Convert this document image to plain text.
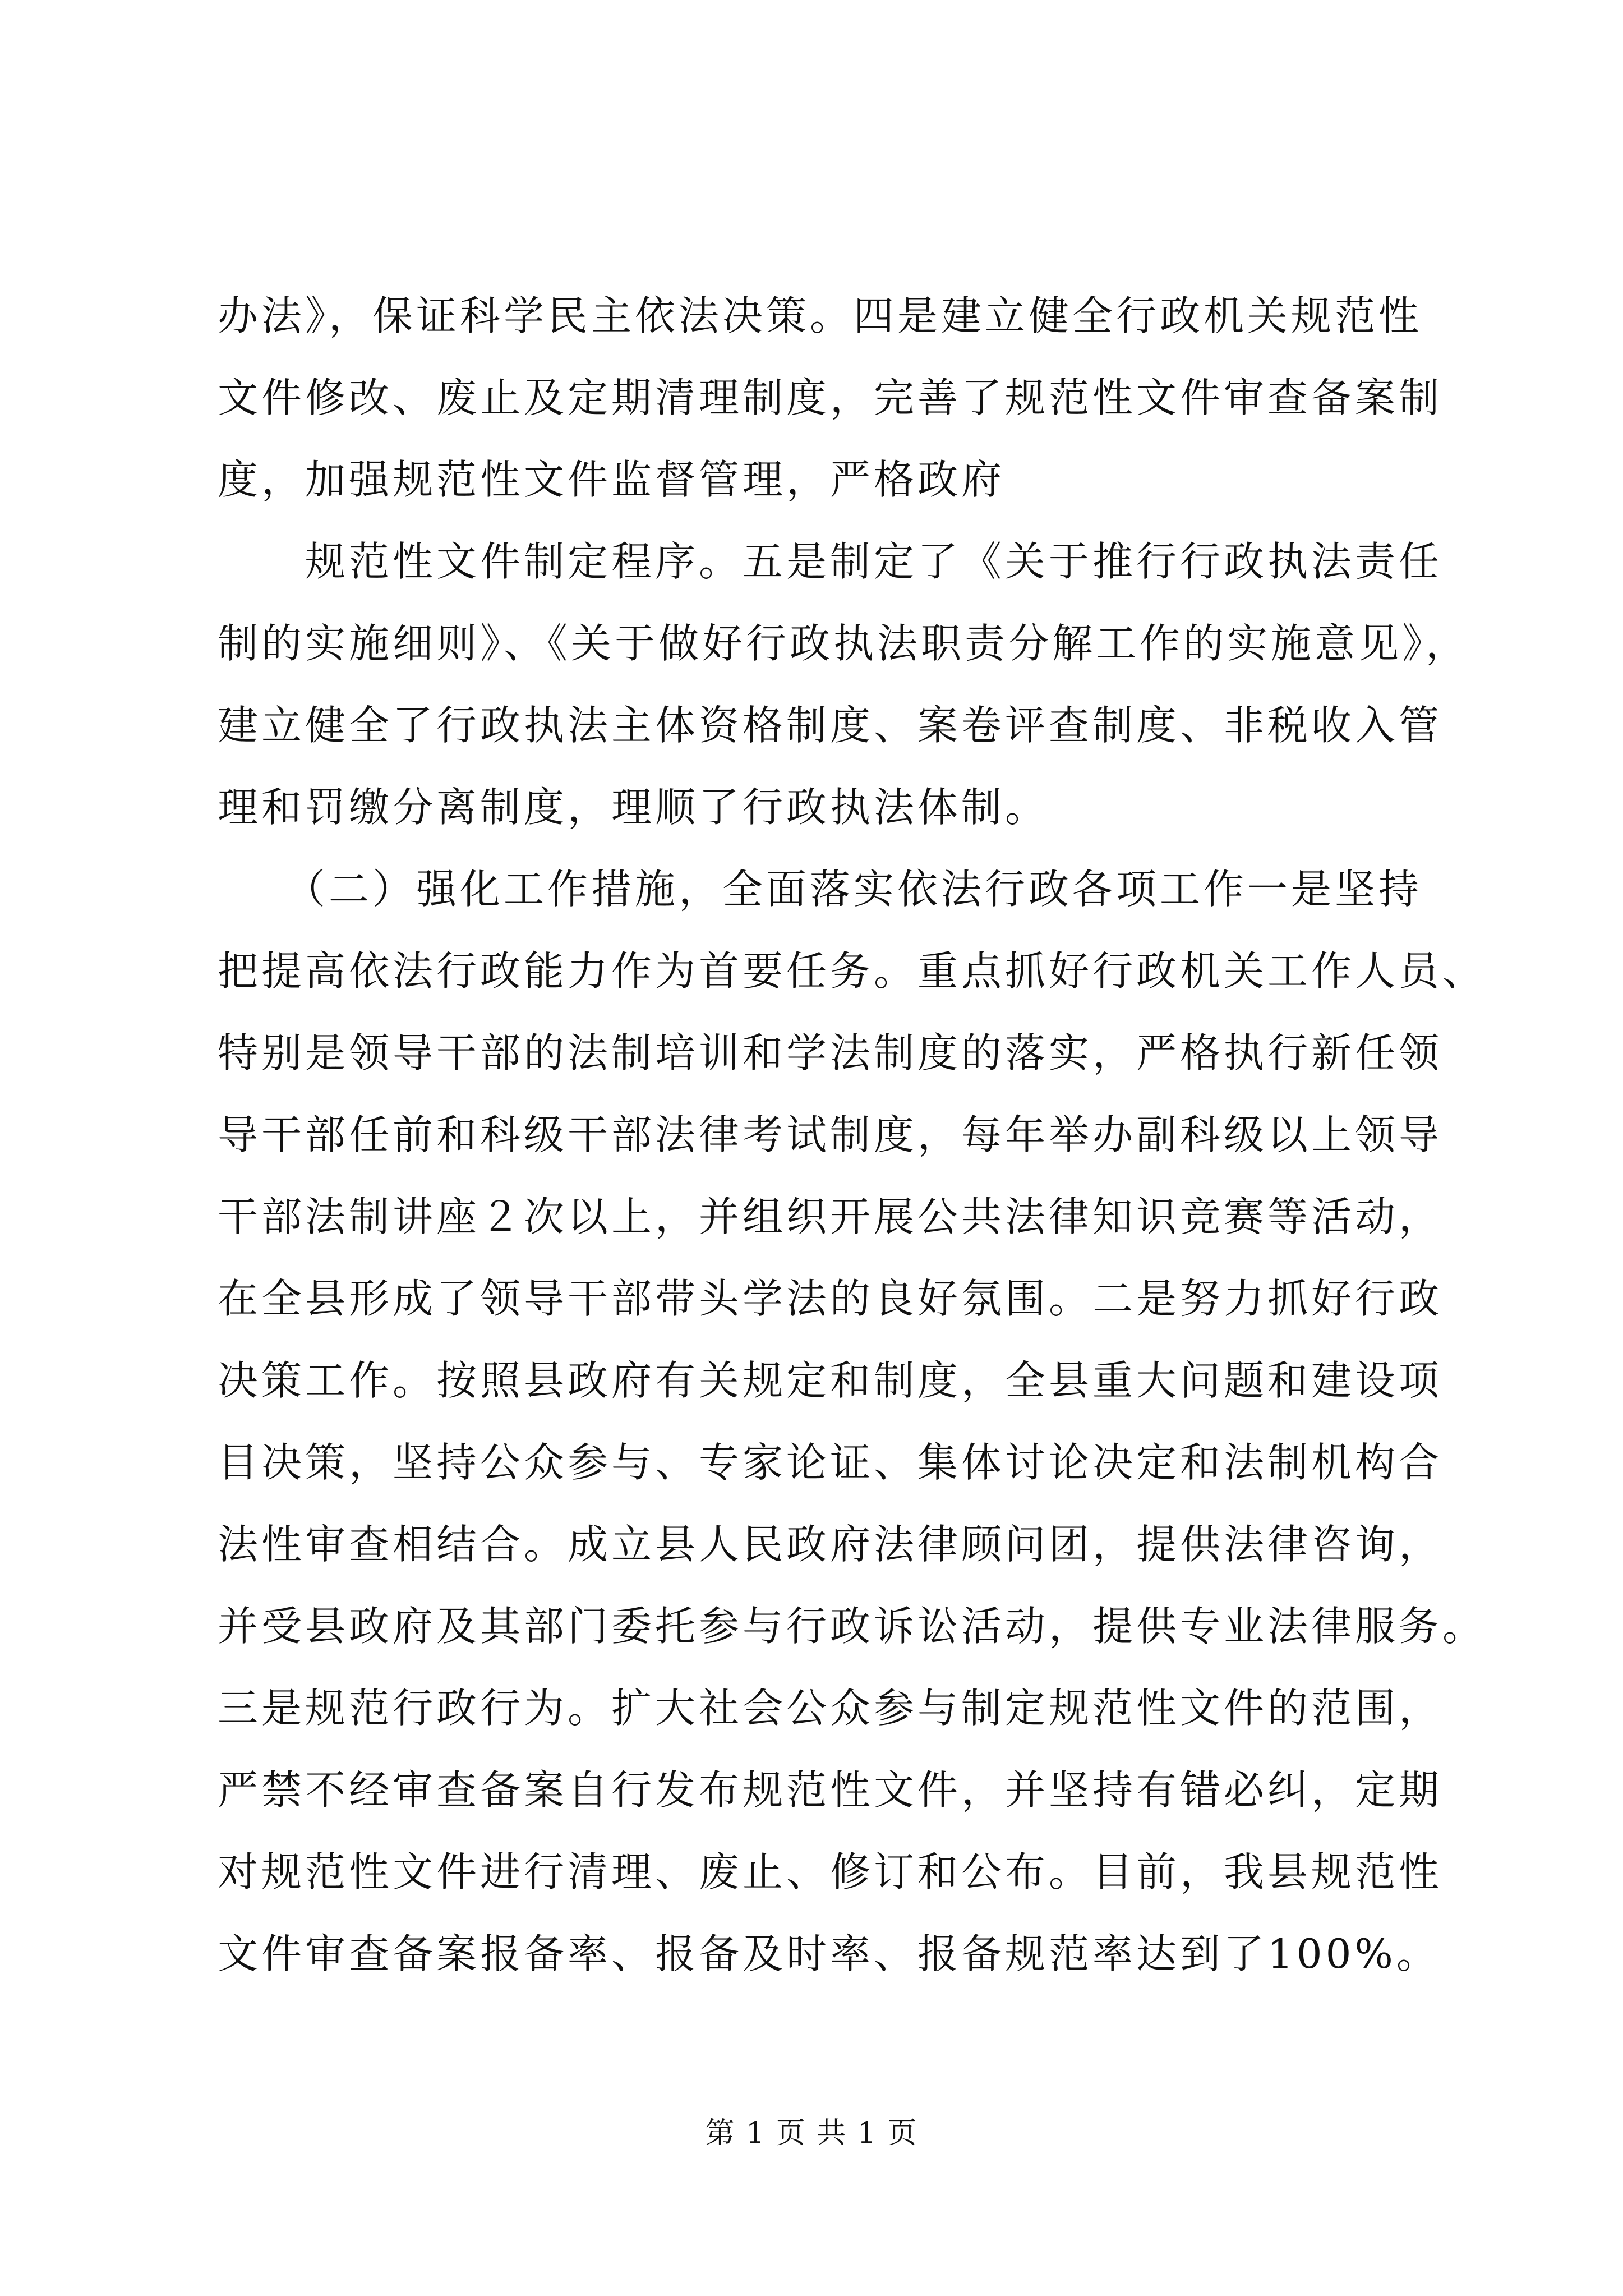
办法》，保证科学民主依法决策。四是建立健全行政机关规范性
文件修改、废止及定期清理制度，完善了规范性文件审查备案制
度，加强规范性文件监督管理，严格政府
　　规范性文件制定程序。五是制定了《关于推行行政执法责任
制的实施细则》、《关于做好行政执法职责分解工作的实施意见》，
建立健全了行政执法主体资格制度、案卷评查制度、非税收入管
理和罚缴分离制度，理顺了行政执法体制。
　　（二）强化工作措施，全面落实依法行政各项工作一是坚持
把提高依法行政能力作为首要任务。重点抓好行政机关工作人员、
特别是领导干部的法制培训和学法制度的落实，严格执行新任领
导干部任前和科级干部法律考试制度，每年举办副科级以上领导
干部法制讲座２次以上，并组织开展公共法律知识竞赛等活动，
在全县形成了领导干部带头学法的良好氛围。二是努力抓好行政
决策工作。按照县政府有关规定和制度，全县重大问题和建设项
目决策，坚持公众参与、专家论证、集体讨论决定和法制机构合
法性审查相结合。成立县人民政府法律顾问团，提供法律咨询，
并受县政府及其部门委托参与行政诉讼活动，提供专业法律服务。
三是规范行政行为。扩大社会公众参与制定规范性文件的范围，
严禁不经审查备案自行发布规范性文件，并坚持有错必纠，定期
对规范性文件进行清理、废止、修订和公布。目前，我县规范性
文件审查备案报备率、报备及时率、报备规范率达到了100%。
第 1 页 共 1 页
